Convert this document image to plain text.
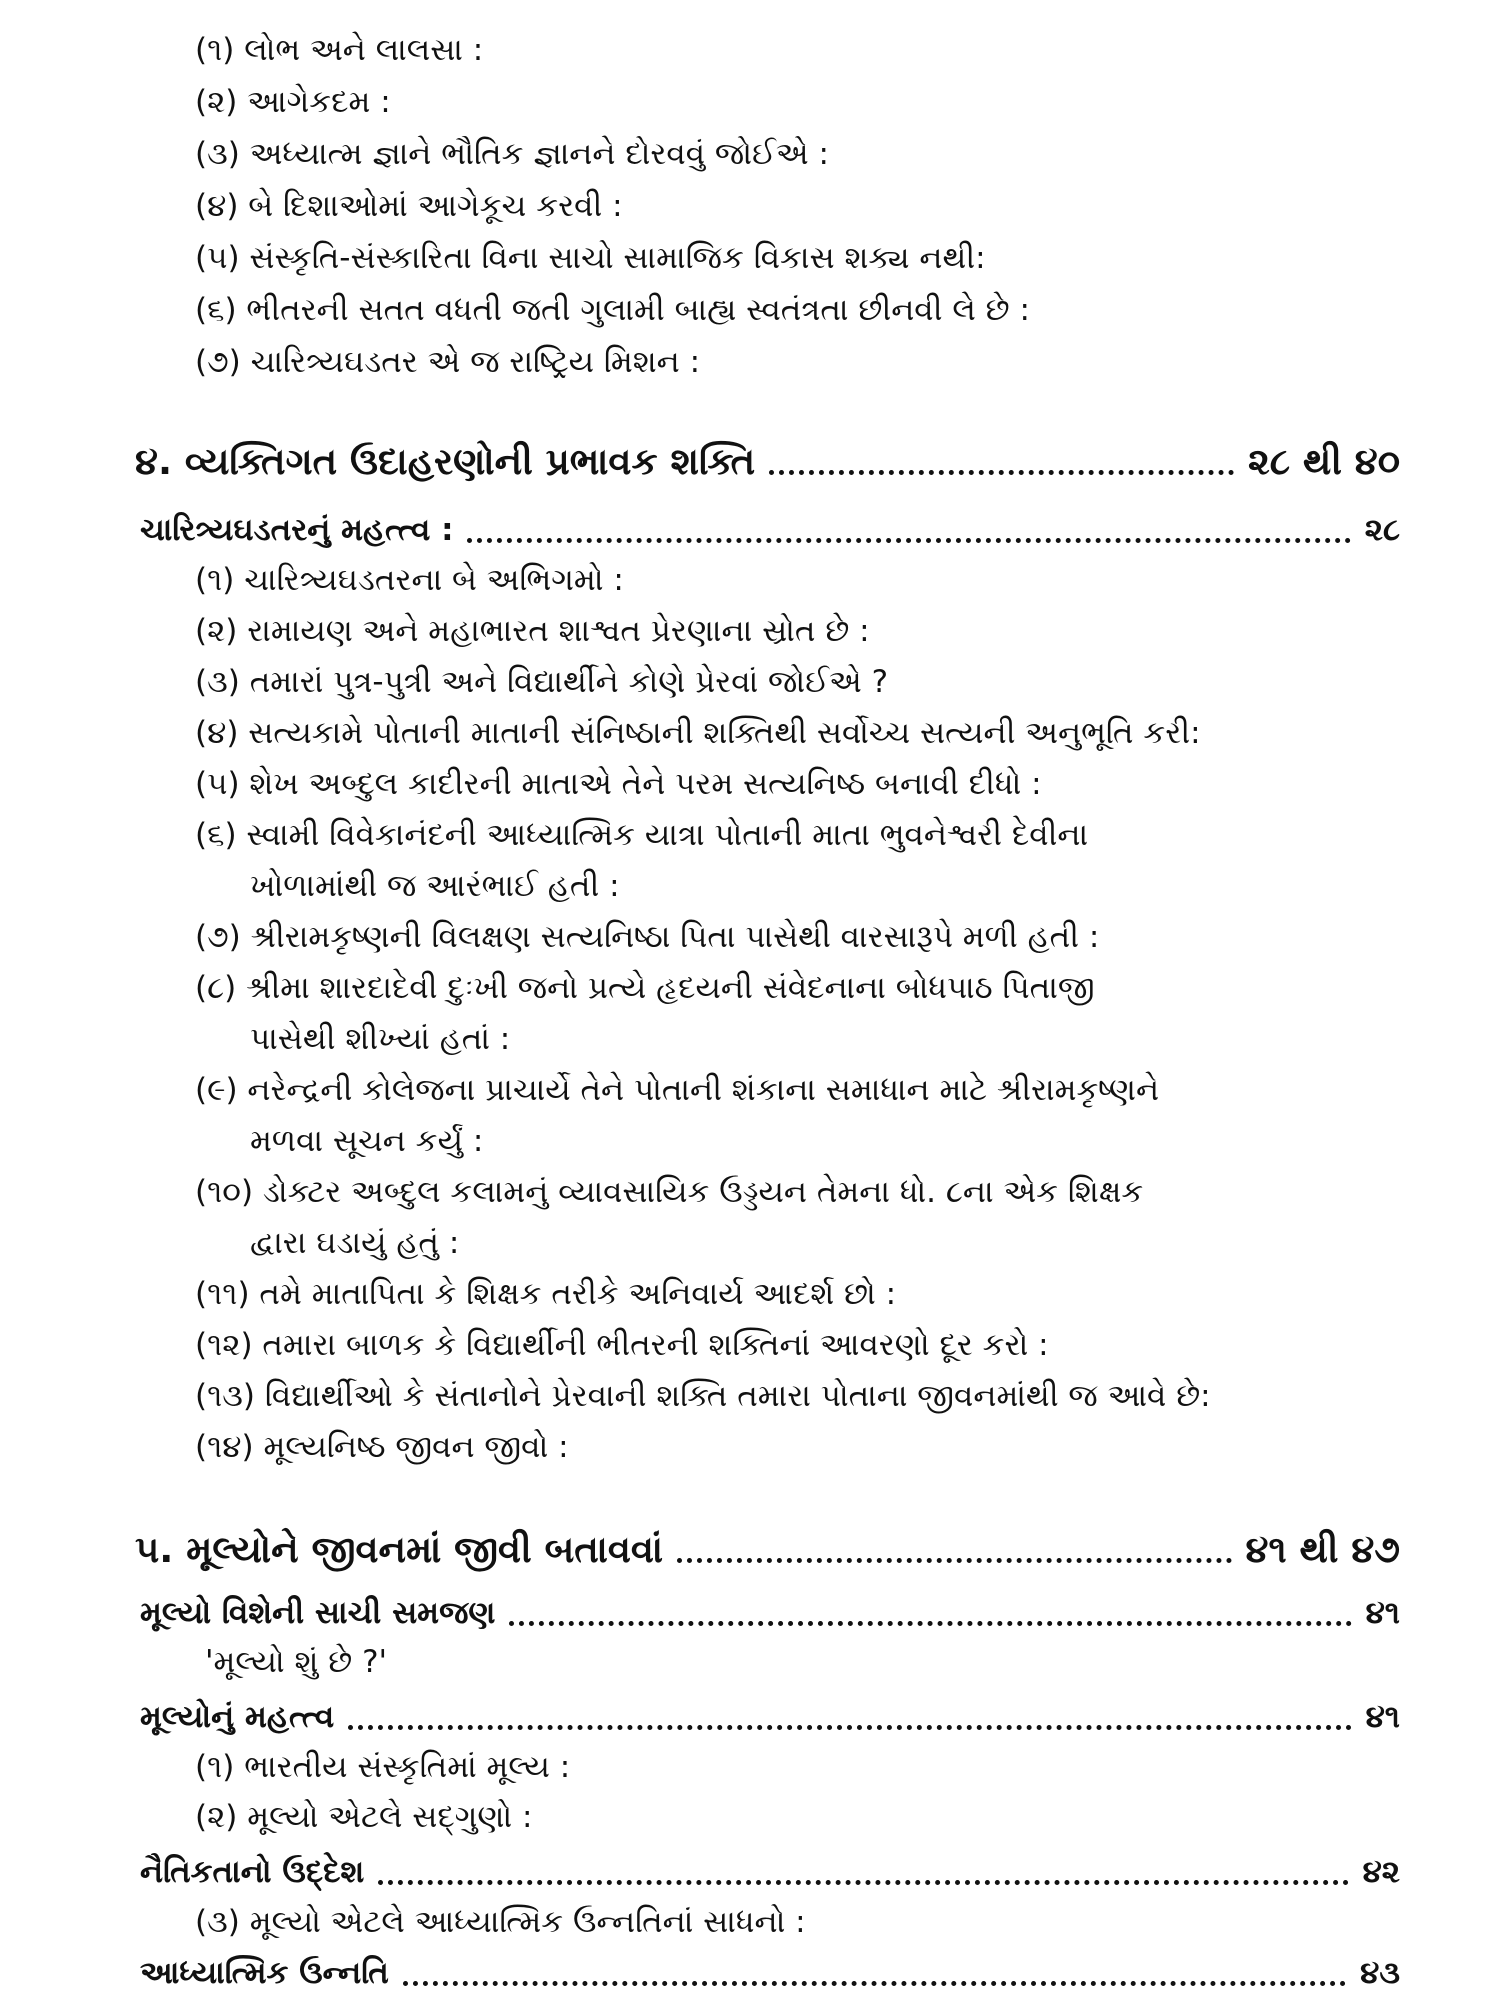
(૧) લોભ અને લાલસા :
(૨) આગેકદમ :
(૩) અધ્યાત્મ જ્ઞાને ભૌતિક જ્ઞાનને દોરવવું જોઈએ :
(૪) બે દિશાઓમાં આગેકૂચ કરવી :
(૫) સંસ્કૃતિ-સંસ્કારિતા વિના સાચો સામાજિક વિકાસ શક્ય નથી:
(૬) ભીતરની સતત વધતી જતી ગુલામી બાહ્ય સ્વતંત્રતા છીનવી લે છે :
(૭) ચારિત્ર્યઘડતર એ જ રાષ્ટ્રિય મિશન :
૪. વ્યક્તિગત ઉદાહરણોની પ્રભાવક શક્તિ	૨૮ થી ૪૦
ચારિત્ર્યઘડતરનું મહત્ત્વ :	૨૮
(૧) ચારિત્ર્યઘડતરના બે અભિગમો :
(૨) રામાયણ અને મહાભારત શાશ્વત પ્રેરણાના સ્રોત છે :
(૩) તમારાં પુત્ર-પુત્રી અને વિદ્યાર્થીને કોણે પ્રેરવાં જોઈએ ?
(૪) સત્યકામે પોતાની માતાની સંનિષ્ઠાની શક્તિથી સર્વોચ્ચ સત્યની અનુભૂતિ કરી:
(૫) શેખ અબ્દુલ કાદીરની માતાએ તેને પરમ સત્યનિષ્ઠ બનાવી દીધો :
(૬) સ્વામી વિવેકાનંદની આધ્યાત્મિક યાત્રા પોતાની માતા ભુવનેશ્વરી દેવીના
ખોળામાંથી જ આરંભાઈ હતી :
(૭) શ્રીરામકૃષ્ણની વિલક્ષણ સત્યનિષ્ઠા પિતા પાસેથી વારસારૂપે મળી હતી :
(૮) શ્રીમા શારદાદેવી દુઃખી જનો પ્રત્યે હૃદયની સંવેદનાના બોધપાઠ પિતાજી
પાસેથી શીખ્યાં હતાં :
(૯) નરેન્દ્રની કોલેજના પ્રાચાર્યે તેને પોતાની શંકાના સમાધાન માટે શ્રીરામકૃષ્ણને
મળવા સૂચન કર્યું :
(૧૦) ડોક્ટર અબ્દુલ કલામનું વ્યાવસાયિક ઉડ્ડયન તેમના ધો. ૮ના એક શિક્ષક
દ્વારા ઘડાયું હતું :
(૧૧) તમે માતાપિતા કે શિક્ષક તરીકે અનિવાર્ય આદર્શ છો :
(૧૨) તમારા બાળક કે વિદ્યાર્થીની ભીતરની શક્તિનાં આવરણો દૂર કરો :
(૧૩) વિદ્યાર્થીઓ કે સંતાનોને પ્રેરવાની શક્તિ તમારા પોતાના જીવનમાંથી જ આવે છે:
(૧૪) મૂલ્યનિષ્ઠ જીવન જીવો :
૫. મૂલ્યોને જીવનમાં જીવી બતાવવાં	૪૧ થી ૪૭
મૂલ્યો વિશેની સાચી સમજણ	૪૧
'મૂલ્યો શું છે ?'
મૂલ્યોનું મહત્ત્વ	૪૧
(૧) ભારતીય સંસ્કૃતિમાં મૂલ્ય :
(૨) મૂલ્યો એટલે સદ્ગુણો :
નૈતિકતાનો ઉદ્દેશ	૪૨
(૩) મૂલ્યો એટલે આધ્યાત્મિક ઉન્નતિનાં સાધનો :
આધ્યાત્મિક ઉન્નતિ	૪૩
